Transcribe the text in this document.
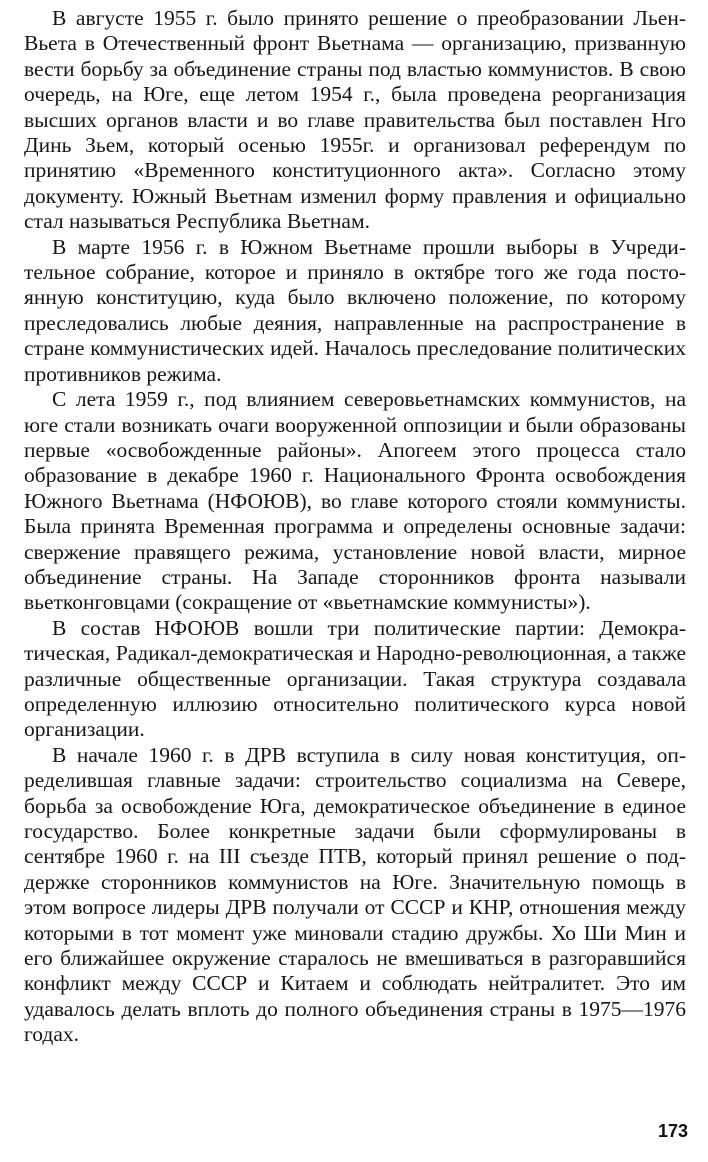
В августе 1955 г. было принято решение о преобразовании Льен-Вьета в Отечественный фронт Вьетнама — организацию, призванную вести борьбу за объединение страны под властью коммунистов. В свою очередь, на Юге, еще летом 1954 г., была проведена реорганизация высших органов власти и во главе правительства был поставлен Нго Динь Зьем, который осенью 1955г. и организовал референдум по принятию «Временного конституционного акта». Согласно этому документу. Южный Вьетнам изменил форму правления и официально стал называться Республика Вьетнам.

В марте 1956 г. в Южном Вьетнаме прошли выборы в Учредительное собрание, которое и приняло в октябре того же года постоянную конституцию, куда было включено положение, по которому преследовались любые деяния, направленные на распространение в стране коммунистических идей. Началось преследование политических противников режима.

С лета 1959 г., под влиянием северовьетнамских коммунистов, на юге стали возникать очаги вооруженной оппозиции и были образованы первые «освобожденные районы». Апогеем этого процесса стало образование в декабре 1960 г. Национального Фронта освобождения Южного Вьетнама (НФОЮВ), во главе которого стояли коммунисты. Была принята Временная программа и определены основные задачи: свержение правящего режима, установление новой власти, мирное объединение страны. На Западе сторонников фронта называли вьетконговцами (сокращение от «вьетнамские коммунисты»).

В состав НФОЮВ вошли три политические партии: Демократическая, Радикал-демократическая и Народно-революционная, а также различные общественные организации. Такая структура создавала определенную иллюзию относительно политического курса новой организации.

В начале 1960 г. в ДРВ вступила в силу новая конституция, определившая главные задачи: строительство социализма на Севере, борьба за освобождение Юга, демократическое объединение в единое государство. Более конкретные задачи были сформулированы в сентябре 1960 г. на III съезде ПТВ, который принял решение о поддержке сторонников коммунистов на Юге. Значительную помощь в этом вопросе лидеры ДРВ получали от СССР и КНР, отношения между которыми в тот момент уже миновали стадию дружбы. Хо Ши Мин и его ближайшее окружение старалось не вмешиваться в разгоравшийся конфликт между СССР и Китаем и соблюдать нейтралитет. Это им удавалось делать вплоть до полного объединения страны в 1975—1976 годах.

173
